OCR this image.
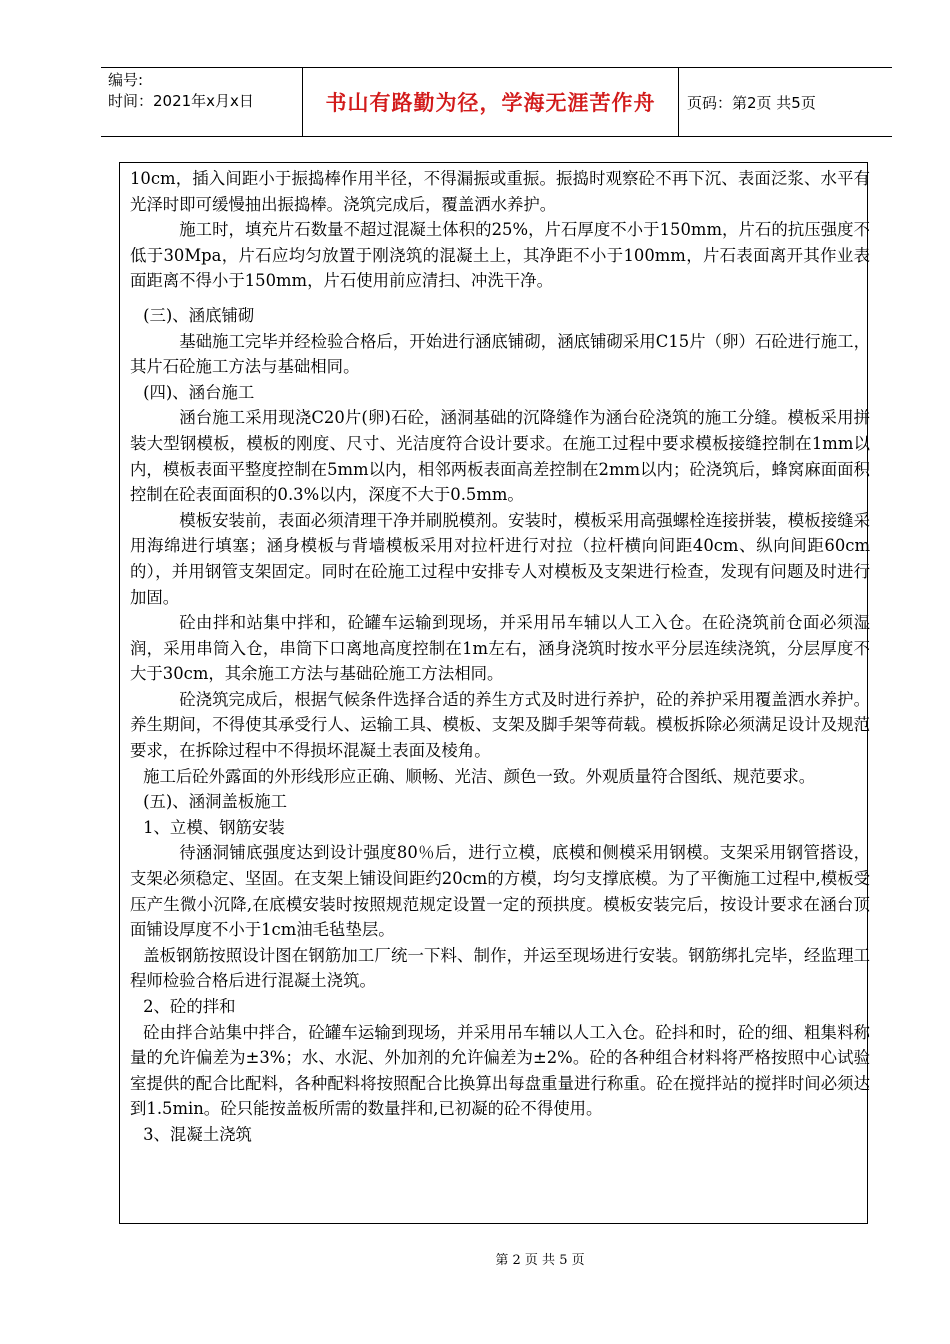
编号:
时间：2021年x月x日	书山有路勤为径，学海无涯苦作舟 页码：第2页 共5页

10cm，插入间距小于振捣棒作用半径，不得漏振或重振。振捣时观察砼不再下沉、表面泛浆、水平有光泽时即可缓慢抽出振捣棒。浇筑完成后，覆盖洒水养护。

施工时，填充片石数量不超过混凝土体积的25%，片石厚度不小于150mm，片石的抗压强度不低于30Mpa，片石应均匀放置于刚浇筑的混凝土上，其净距不小于100mm，片石表面离开其作业表面距离不得小于150mm，片石使用前应清扫、冲洗干净。

(三)、涵底铺砌

基础施工完毕并经检验合格后，开始进行涵底铺砌，涵底铺砌采用C15片（卵）石砼进行施工，其片石砼施工方法与基础相同。

(四)、涵台施工

涵台施工采用现浇C20片(卵)石砼，涵洞基础的沉降缝作为涵台砼浇筑的施工分缝。模板采用拼装大型钢模板，模板的刚度、尺寸、光洁度符合设计要求。在施工过程中要求模板接缝控制在1mm以内，模板表面平整度控制在5mm以内，相邻两板表面高差控制在2mm以内；砼浇筑后，蜂窝麻面面积控制在砼表面面积的0.3%以内，深度不大于0.5mm。

模板安装前，表面必须清理干净并刷脱模剂。安装时，模板采用高强螺栓连接拼装，模板接缝采用海绵进行填塞；涵身模板与背墙模板采用对拉杆进行对拉（拉杆横向间距40cm、纵向间距60cm的），并用钢管支架固定。同时在砼施工过程中安排专人对模板及支架进行检查，发现有问题及时进行加固。

砼由拌和站集中拌和，砼罐车运输到现场，并采用吊车辅以人工入仓。在砼浇筑前仓面必须湿润，采用串筒入仓，串筒下口离地高度控制在1m左右，涵身浇筑时按水平分层连续浇筑，分层厚度不大于30cm，其余施工方法与基础砼施工方法相同。

砼浇筑完成后，根据气候条件选择合适的养生方式及时进行养护，砼的养护采用覆盖洒水养护。养生期间，不得使其承受行人、运输工具、模板、支架及脚手架等荷载。模板拆除必须满足设计及规范要求，在拆除过程中不得损坏混凝土表面及棱角。

施工后砼外露面的外形线形应正确、顺畅、光洁、颜色一致。外观质量符合图纸、规范要求。

(五)、涵洞盖板施工

1、立模、钢筋安装

待涵洞铺底强度达到设计强度80％后，进行立模，底模和侧模采用钢模。支架采用钢管搭设，支架必须稳定、坚固。在支架上铺设间距约20cm的方模，均匀支撑底模。为了平衡施工过程中,模板受压产生微小沉降,在底模安装时按照规范规定设置一定的预拱度。模板安装完后，按设计要求在涵台顶面铺设厚度不小于1cm油毛毡垫层。

盖板钢筋按照设计图在钢筋加工厂统一下料、制作，并运至现场进行安装。钢筋绑扎完毕，经监理工程师检验合格后进行混凝土浇筑。

2、砼的拌和

砼由拌合站集中拌合，砼罐车运输到现场，并采用吊车辅以人工入仓。砼抖和时，砼的细、粗集料称量的允许偏差为±3%；水、水泥、外加剂的允许偏差为±2%。砼的各种组合材料将严格按照中心试验室提供的配合比配料，各种配料将按照配合比换算出每盘重量进行称重。砼在搅拌站的搅拌时间必须达到1.5min。砼只能按盖板所需的数量拌和,已初凝的砼不得使用。

3、混凝土浇筑

第 2 页 共 5 页
